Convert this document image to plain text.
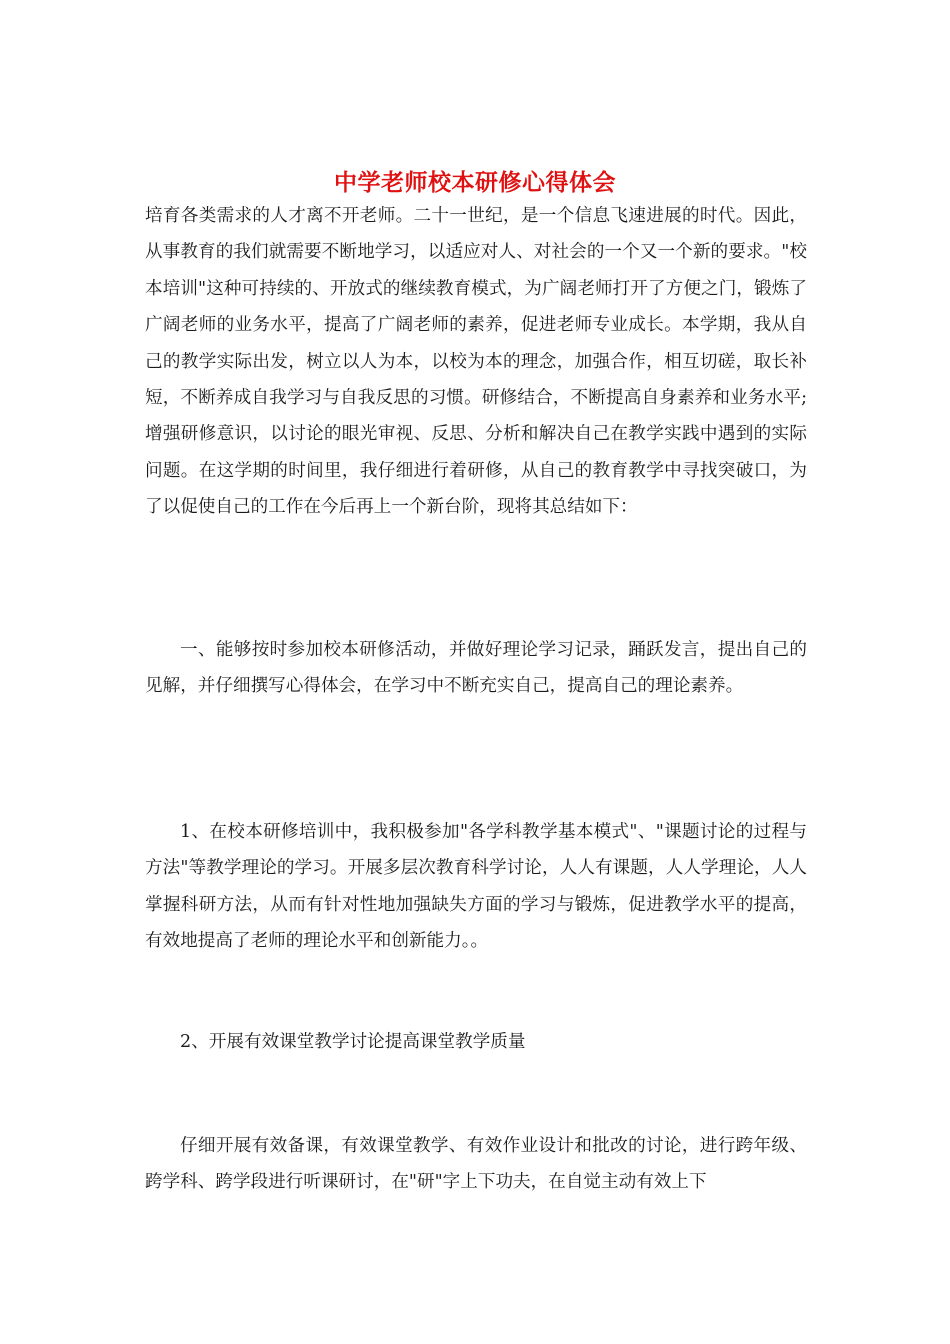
中学老师校本研修心得体会

培育各类需求的人才离不开老师。二十一世纪，是一个信息飞速进展的时代。因此，从事教育的我们就需要不断地学习，以适应对人、对社会的一个又一个新的要求。"校本培训"这种可持续的、开放式的继续教育模式，为广阔老师打开了方便之门，锻炼了广阔老师的业务水平，提高了广阔老师的素养，促进老师专业成长。本学期，我从自己的教学实际出发，树立以人为本，以校为本的理念，加强合作，相互切磋，取长补短，不断养成自我学习与自我反思的习惯。研修结合，不断提高自身素养和业务水平;增强研修意识，以讨论的眼光审视、反思、分析和解决自己在教学实践中遇到的实际问题。在这学期的时间里，我仔细进行着研修，从自己的教育教学中寻找突破口，为了以促使自己的工作在今后再上一个新台阶，现将其总结如下：

一、能够按时参加校本研修活动，并做好理论学习记录，踊跃发言，提出自己的见解，并仔细撰写心得体会，在学习中不断充实自己，提高自己的理论素养。

1、在校本研修培训中，我积极参加"各学科教学基本模式"、"课题讨论的过程与方法"等教学理论的学习。开展多层次教育科学讨论，人人有课题，人人学理论，人人掌握科研方法，从而有针对性地加强缺失方面的学习与锻炼，促进教学水平的提高，有效地提高了老师的理论水平和创新能力。。

2、开展有效课堂教学讨论提高课堂教学质量

仔细开展有效备课，有效课堂教学、有效作业设计和批改的讨论，进行跨年级、跨学科、跨学段进行听课研讨，在"研"字上下功夫，在自觉主动有效上下
